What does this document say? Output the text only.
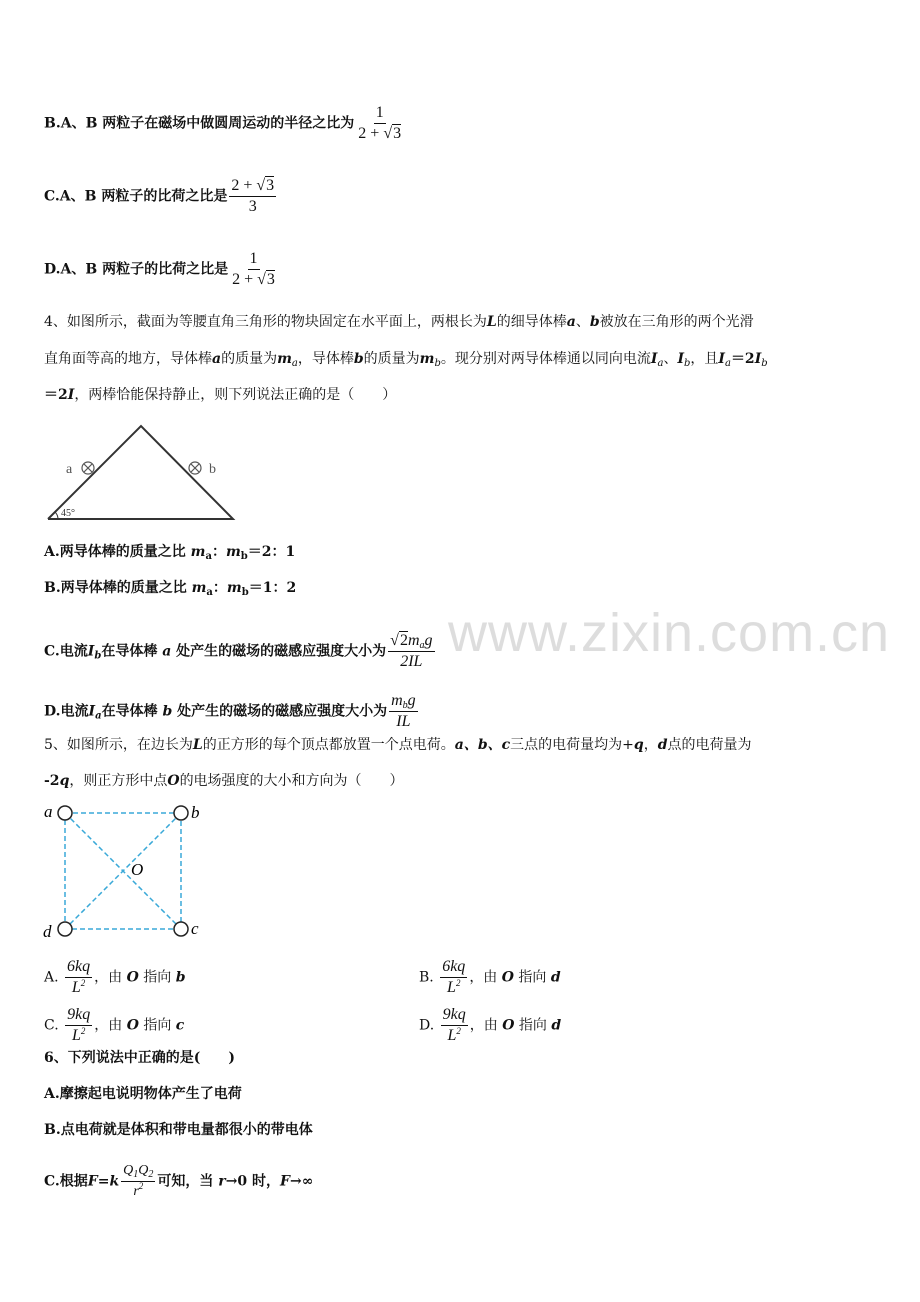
www.zixin.com.cn
B.A、B 两粒子在磁场中做圆周运动的半径之比为 $\frac{1}{2 + √3}$
C.A、B 两粒子的比荷之比是 $\frac{2 + √3}{3}$
D.A、B 两粒子的比荷之比是 $\frac{1}{2 + √3}$
4、如图所示，截面为等腰直角三角形的物块固定在水平面上，两根长为L的细导体棒a、b被放在三角形的两个光滑
直角面等高的地方，导体棒a的质量为$m_a$，导体棒b的质量为$m_b$。现分别对两导体棒通以同向电流$I_a$、$I_b$，且$I_a=2I_b$
＝2I，两棒恰能保持静止，则下列说法正确的是（　　）
a	b
45°
A.两导体棒的质量之比 $m_a$：$m_b=2$：1
B.两导体棒的质量之比 $m_a$：$m_b=1$：2
C.电流$I_b$在导体棒 a 处产生的磁场的磁感应强度大小为 $\frac{√2m_ag}{2IL}$
D.电流$I_a$在导体棒 b 处产生的磁场的磁感应强度大小为 $\frac{m_bg}{IL}$
5、如图所示，在边长为L的正方形的每个顶点都放置一个点电荷。a、b、c三点的电荷量均为+q，d点的电荷量为
-2q，则正方形中点O的电场强度的大小和方向为（　　）
a	b
c
d
O
A. $\frac{6kq}{L^2}$ ，由 O 指向 b	B. $\frac{6kq}{L^2}$ ，由 O 指向 d
C. $\frac{9kq}{L^2}$ ，由 O 指向 c	D. $\frac{9kq}{L^2}$ ，由 O 指向 d
6、下列说法中正确的是(　　)
A.摩擦起电说明物体产生了电荷
B.点电荷就是体积和带电量都很小的带电体
C.根据$F=k \frac{Q_1Q_2}{r^2}$ 可知，当 r→0 时，F→∞
